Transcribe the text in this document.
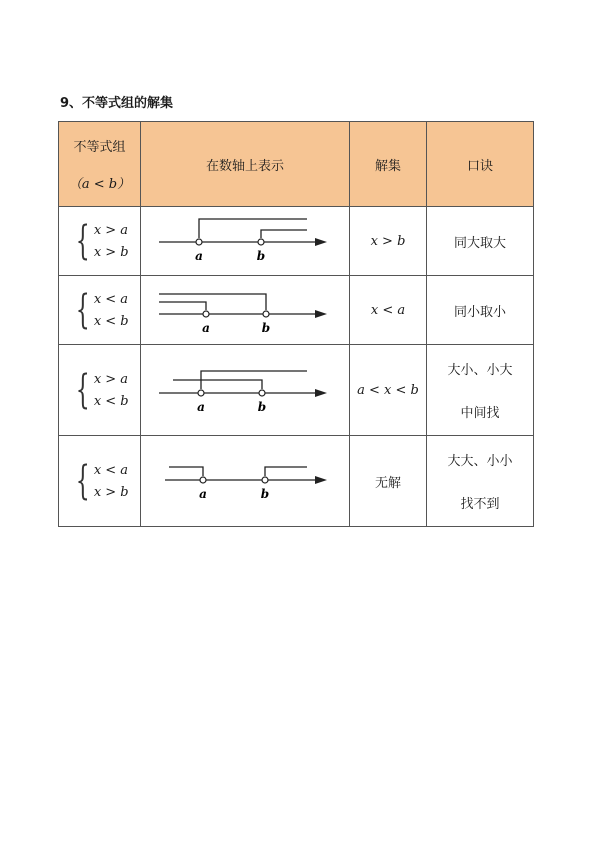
9、不等式组的解集
不等式组
（a < b）	在数轴上表示	解集	口诀

{ x > a
x > b	a b	x > b	同大取大

{ x < a
x < b	a b	x < a	同小取小

{ x > a
x < b	a b	a < x < b	大小、小大
中间找

{ x < a
x > b	a b	无解	大大、小小
找不到
